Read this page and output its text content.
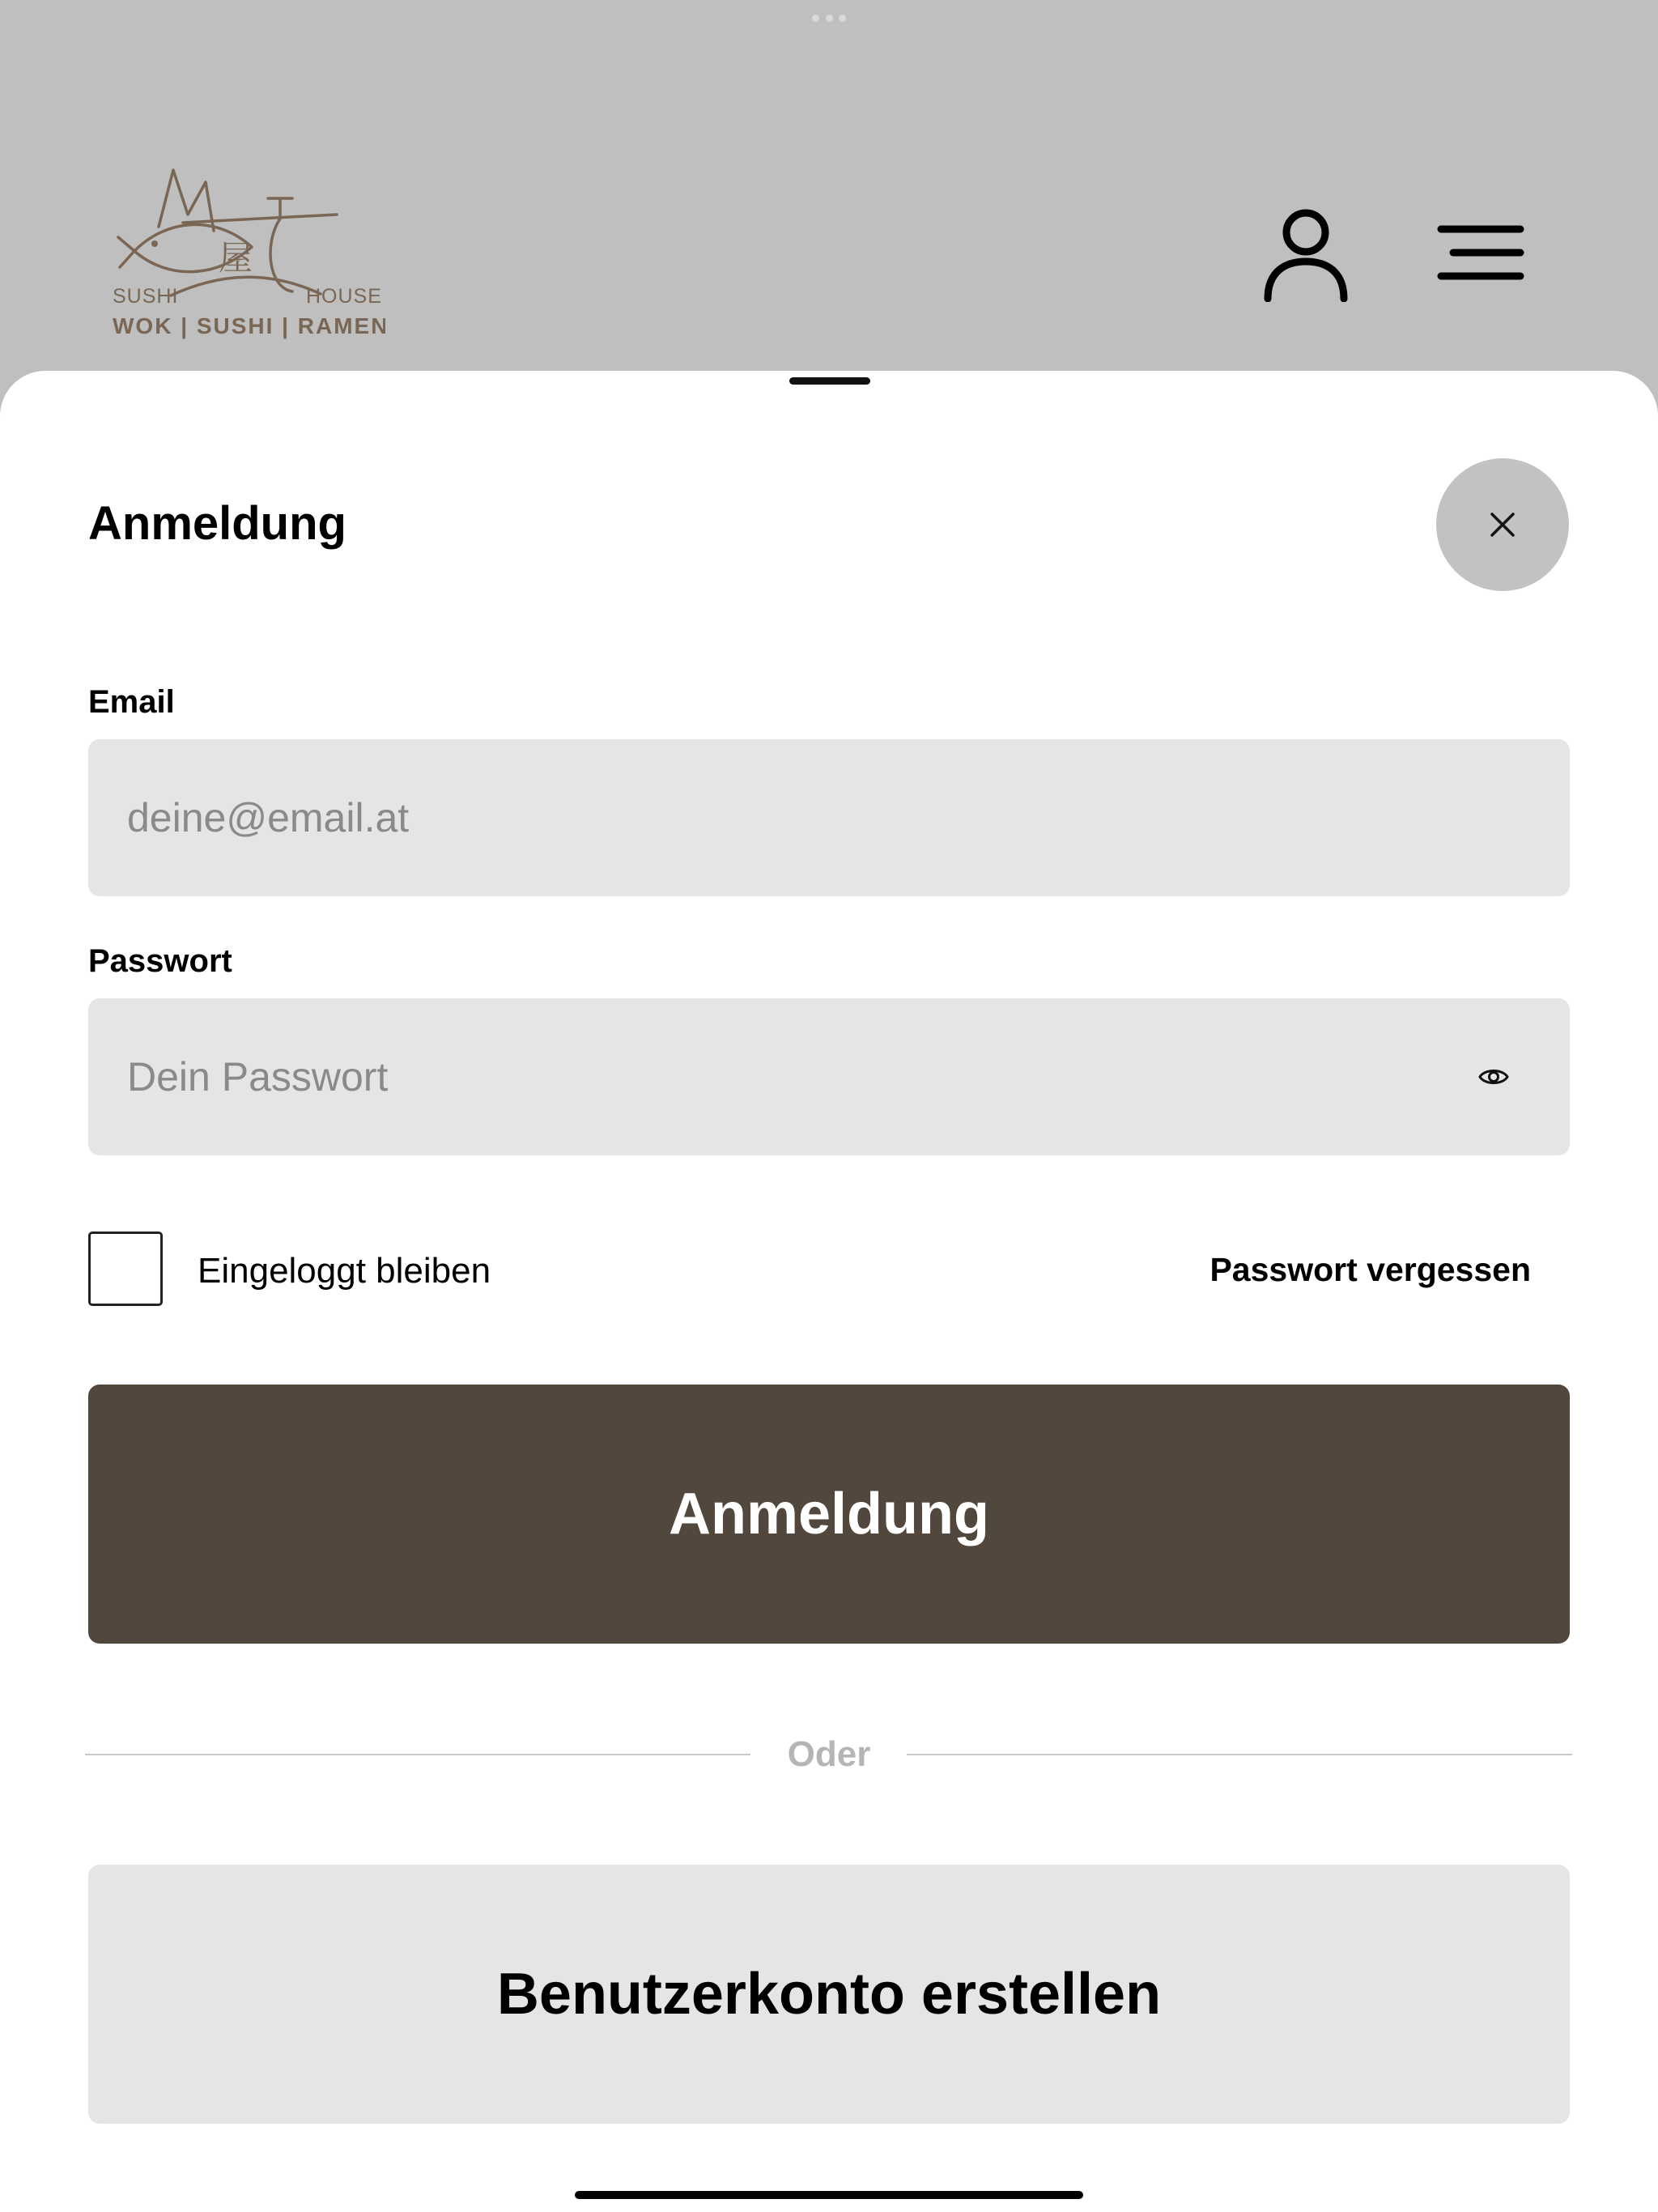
屋
SUSHI	HOUSE
WOK | SUSHI | RAMEN
Anmeldung
Email
deine@email.at
Passwort
Eingeloggt bleiben	Passwort vergessen
Anmeldung
Oder
Benutzerkonto erstellen
